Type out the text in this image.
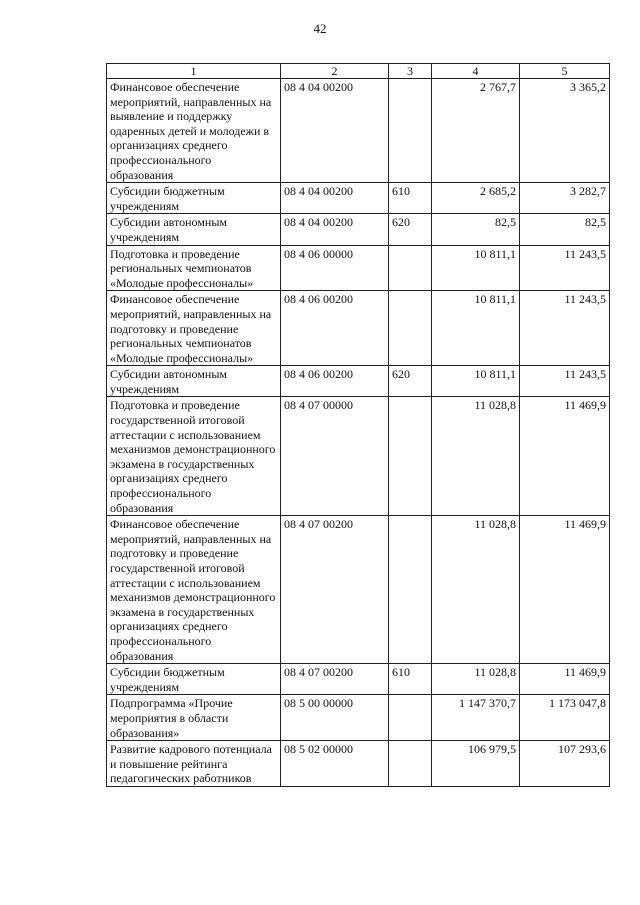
42
1	2	3	4	5
Финансовое обеспечение мероприятий, направленных на выявление и поддержку одаренных детей и молодежи в организациях среднего профессионального образования	08 4 04 00200		2 767,7	3 365,2
Субсидии бюджетным учреждениям	08 4 04 00200	610	2 685,2	3 282,7
Субсидии автономным учреждениям	08 4 04 00200	620	82,5	82,5
Подготовка и проведение региональных чемпионатов «Молодые профессионалы»	08 4 06 00000		10 811,1	11 243,5
Финансовое обеспечение мероприятий, направленных на подготовку и проведение региональных чемпионатов «Молодые профессионалы»	08 4 06 00200		10 811,1	11 243,5
Субсидии автономным учреждениям	08 4 06 00200	620	10 811,1	11 243,5
Подготовка и проведение государственной итоговой аттестации с использованием механизмов демонстрационного экзамена в государственных организациях среднего профессионального образования	08 4 07 00000		11 028,8	11 469,9
Финансовое обеспечение мероприятий, направленных на подготовку и проведение государственной итоговой аттестации с использованием механизмов демонстрационного экзамена в государственных организациях среднего профессионального образования	08 4 07 00200		11 028,8	11 469,9
Субсидии бюджетным учреждениям	08 4 07 00200	610	11 028,8	11 469,9
Подпрограмма «Прочие мероприятия в области образования»	08 5 00 00000		1 147 370,7	1 173 047,8
Развитие кадрового потенциала и повышение рейтинга педагогических работников	08 5 02 00000		106 979,5	107 293,6
